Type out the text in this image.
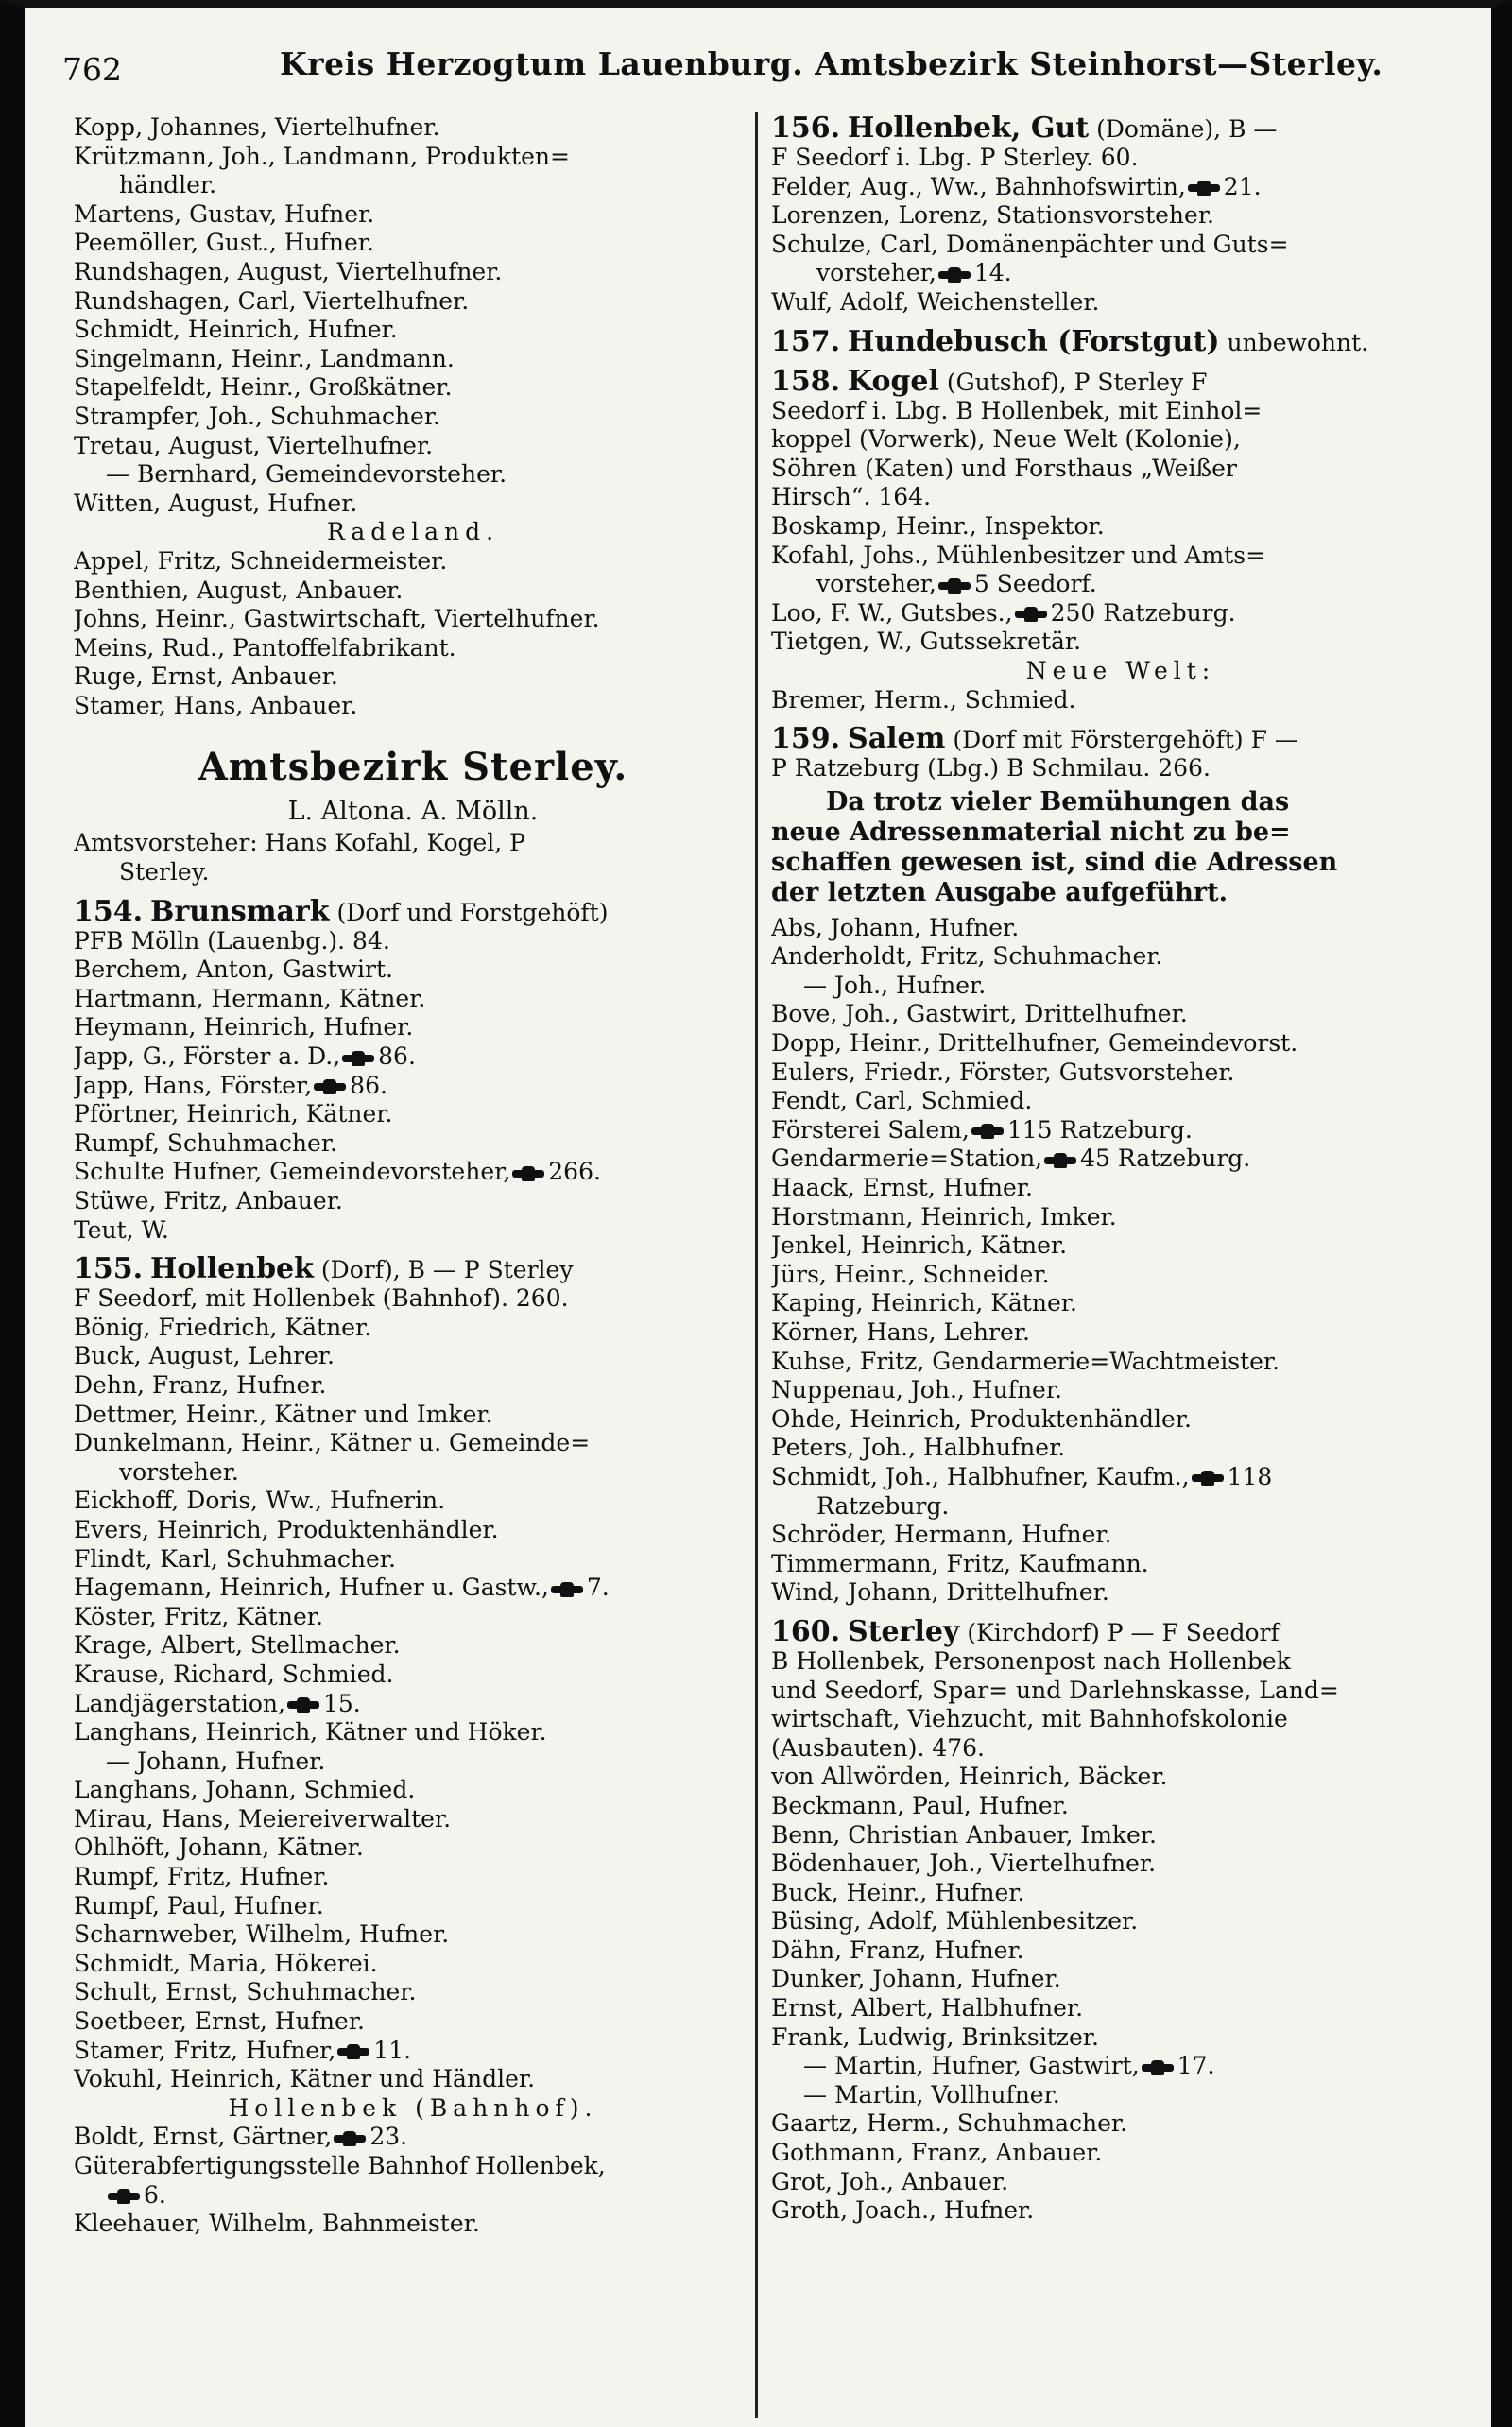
762	Kreis Herzogtum Lauenburg. Amtsbezirk Steinhorst—Sterley.
Kopp, Johannes, Viertelhufner.
Krützmann, Joh., Landmann, Produkten=
händler.
Martens, Gustav, Hufner.
Peemöller, Gust., Hufner.
Rundshagen, August, Viertelhufner.
Rundshagen, Carl, Viertelhufner.
Schmidt, Heinrich, Hufner.
Singelmann, Heinr., Landmann.
Stapelfeldt, Heinr., Großkätner.
Strampfer, Joh., Schuhmacher.
Tretau, August, Viertelhufner.
— Bernhard, Gemeindevorsteher.
Witten, August, Hufner.
Radeland.
Appel, Fritz, Schneidermeister.
Benthien, August, Anbauer.
Johns, Heinr., Gastwirtschaft, Viertelhufner.
Meins, Rud., Pantoffelfabrikant.
Ruge, Ernst, Anbauer.
Stamer, Hans, Anbauer.
Amtsbezirk Sterley.
L. Altona. A. Mölln.
Amtsvorsteher: Hans Kofahl, Kogel, P
Sterley.
154. Brunsmark (Dorf und Forstgehöft)
PFB Mölln (Lauenbg.). 84.
Berchem, Anton, Gastwirt.
Hartmann, Hermann, Kätner.
Heymann, Heinrich, Hufner.
Japp, G., Förster a. D., 86.
Japp, Hans, Förster, 86.
Pförtner, Heinrich, Kätner.
Rumpf, Schuhmacher.
Schulte Hufner, Gemeindevorsteher, 266.
Stüwe, Fritz, Anbauer.
Teut, W.
155. Hollenbek (Dorf), B — P Sterley
F Seedorf, mit Hollenbek (Bahnhof). 260.
Bönig, Friedrich, Kätner.
Buck, August, Lehrer.
Dehn, Franz, Hufner.
Dettmer, Heinr., Kätner und Imker.
Dunkelmann, Heinr., Kätner u. Gemeinde=
vorsteher.
Eickhoff, Doris, Ww., Hufnerin.
Evers, Heinrich, Produktenhändler.
Flindt, Karl, Schuhmacher.
Hagemann, Heinrich, Hufner u. Gastw., 7.
Köster, Fritz, Kätner.
Krage, Albert, Stellmacher.
Krause, Richard, Schmied.
Landjägerstation, 15.
Langhans, Heinrich, Kätner und Höker.
— Johann, Hufner.
Langhans, Johann, Schmied.
Mirau, Hans, Meiereiverwalter.
Ohlhöft, Johann, Kätner.
Rumpf, Fritz, Hufner.
Rumpf, Paul, Hufner.
Scharnweber, Wilhelm, Hufner.
Schmidt, Maria, Hökerei.
Schult, Ernst, Schuhmacher.
Soetbeer, Ernst, Hufner.
Stamer, Fritz, Hufner, 11.
Vokuhl, Heinrich, Kätner und Händler.
Hollenbek (Bahnhof).
Boldt, Ernst, Gärtner, 23.
Güterabfertigungsstelle Bahnhof Hollenbek,
6.
Kleehauer, Wilhelm, Bahnmeister.
156. Hollenbek, Gut (Domäne), B —
F Seedorf i. Lbg. P Sterley. 60.
Felder, Aug., Ww., Bahnhofswirtin, 21.
Lorenzen, Lorenz, Stationsvorsteher.
Schulze, Carl, Domänenpächter und Guts=
vorsteher, 14.
Wulf, Adolf, Weichensteller.
157. Hundebusch (Forstgut) unbewohnt.
158. Kogel (Gutshof), P Sterley F
Seedorf i. Lbg. B Hollenbek, mit Einhol=
koppel (Vorwerk), Neue Welt (Kolonie),
Söhren (Katen) und Forsthaus „Weißer
Hirsch“. 164.
Boskamp, Heinr., Inspektor.
Kofahl, Johs., Mühlenbesitzer und Amts=
vorsteher, 5 Seedorf.
Loo, F. W., Gutsbes., 250 Ratzeburg.
Tietgen, W., Gutssekretär.
Neue Welt:
Bremer, Herm., Schmied.
159. Salem (Dorf mit Förstergehöft) F —
P Ratzeburg (Lbg.) B Schmilau. 266.
Da trotz vieler Bemühungen das
neue Adressenmaterial nicht zu be=
schaffen gewesen ist, sind die Adressen
der letzten Ausgabe aufgeführt.
Abs, Johann, Hufner.
Anderholdt, Fritz, Schuhmacher.
— Joh., Hufner.
Bove, Joh., Gastwirt, Drittelhufner.
Dopp, Heinr., Drittelhufner, Gemeindevorst.
Eulers, Friedr., Förster, Gutsvorsteher.
Fendt, Carl, Schmied.
Försterei Salem, 115 Ratzeburg.
Gendarmerie=Station, 45 Ratzeburg.
Haack, Ernst, Hufner.
Horstmann, Heinrich, Imker.
Jenkel, Heinrich, Kätner.
Jürs, Heinr., Schneider.
Kaping, Heinrich, Kätner.
Körner, Hans, Lehrer.
Kuhse, Fritz, Gendarmerie=Wachtmeister.
Nuppenau, Joh., Hufner.
Ohde, Heinrich, Produktenhändler.
Peters, Joh., Halbhufner.
Schmidt, Joh., Halbhufner, Kaufm., 118
Ratzeburg.
Schröder, Hermann, Hufner.
Timmermann, Fritz, Kaufmann.
Wind, Johann, Drittelhufner.
160. Sterley (Kirchdorf) P — F Seedorf
B Hollenbek, Personenpost nach Hollenbek
und Seedorf, Spar= und Darlehnskasse, Land=
wirtschaft, Viehzucht, mit Bahnhofskolonie
(Ausbauten). 476.
von Allwörden, Heinrich, Bäcker.
Beckmann, Paul, Hufner.
Benn, Christian Anbauer, Imker.
Bödenhauer, Joh., Viertelhufner.
Buck, Heinr., Hufner.
Büsing, Adolf, Mühlenbesitzer.
Dähn, Franz, Hufner.
Dunker, Johann, Hufner.
Ernst, Albert, Halbhufner.
Frank, Ludwig, Brinksitzer.
— Martin, Hufner, Gastwirt, 17.
— Martin, Vollhufner.
Gaartz, Herm., Schuhmacher.
Gothmann, Franz, Anbauer.
Grot, Joh., Anbauer.
Groth, Joach., Hufner.
